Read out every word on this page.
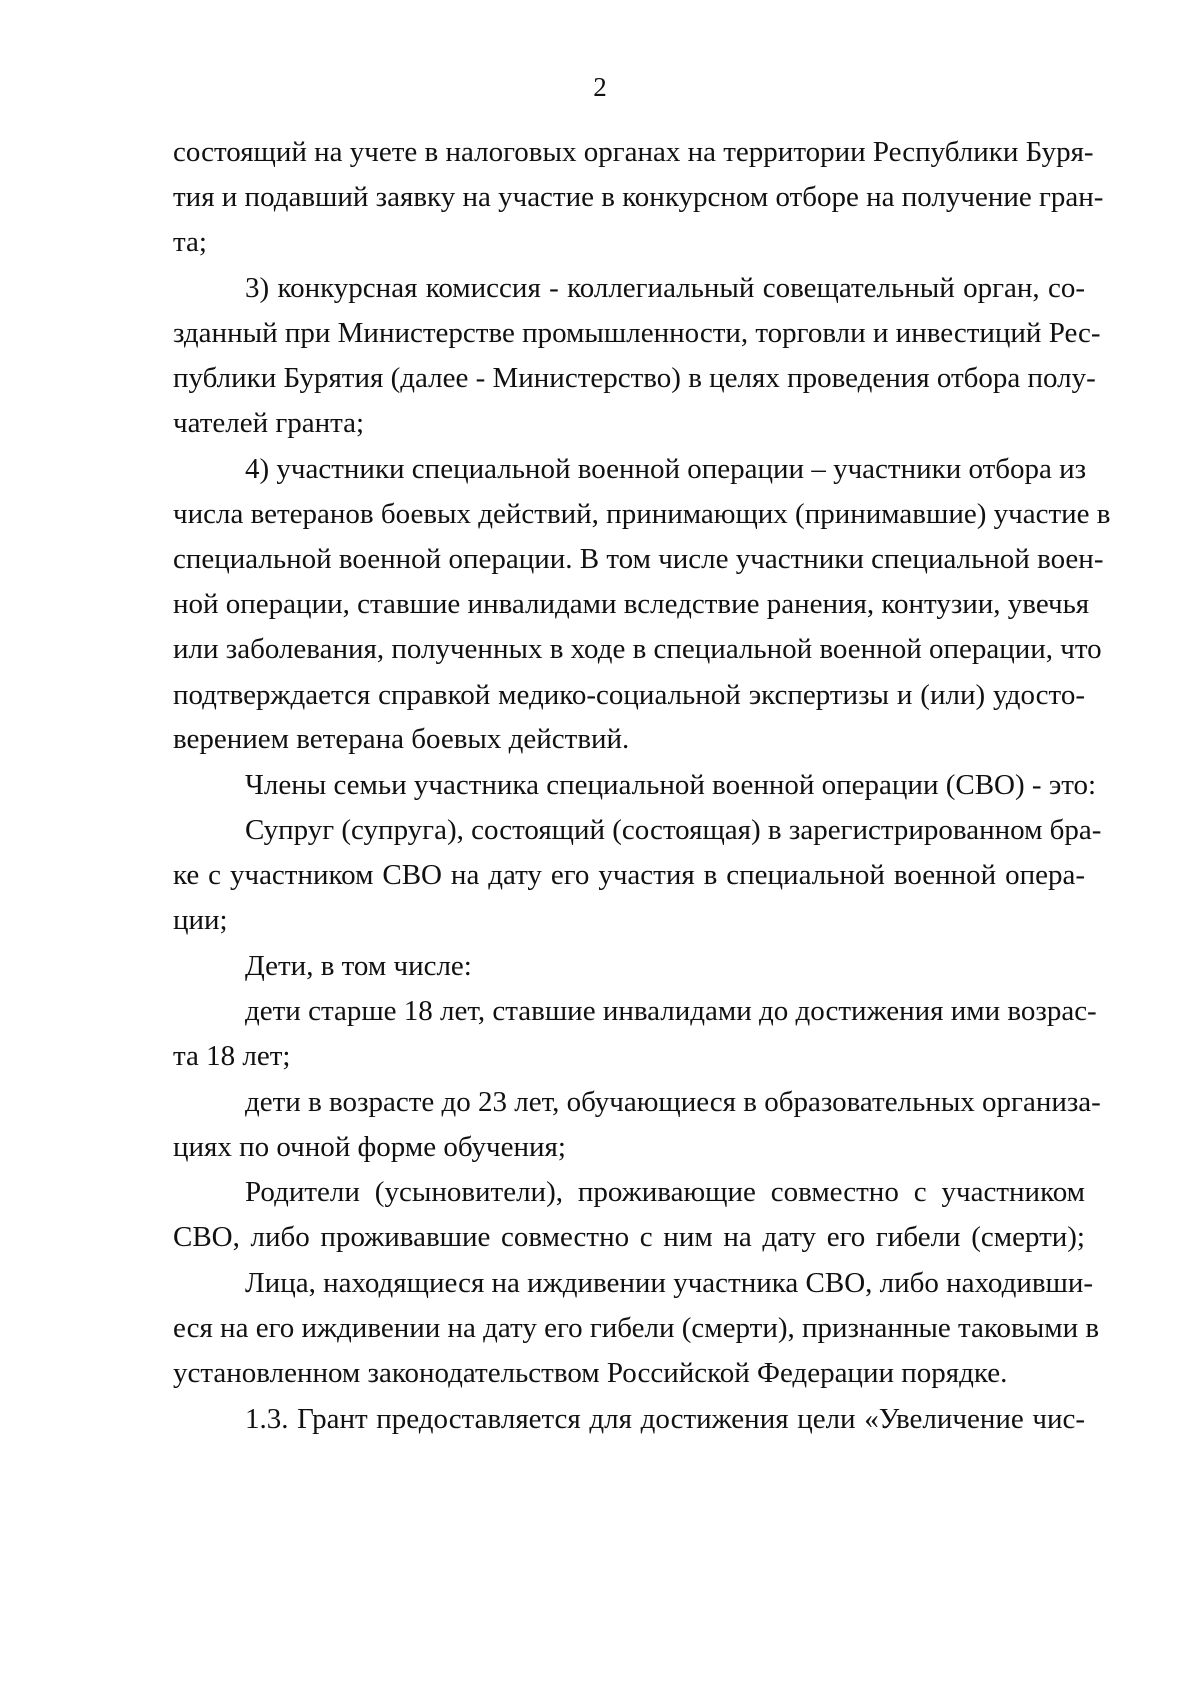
2
состоящий на учете в налоговых органах на территории Республики Буря-
тия и подавший заявку на участие в конкурсном отборе на получение гран-
та;
3) конкурсная комиссия - коллегиальный совещательный орган, со-
зданный при Министерстве промышленности, торговли и инвестиций Рес-
публики Бурятия (далее - Министерство) в целях проведения отбора полу-
чателей гранта;
4) участники специальной военной операции – участники отбора из
числа ветеранов боевых действий, принимающих (принимавшие) участие в
специальной военной операции. В том числе участники специальной воен-
ной операции, ставшие инвалидами вследствие ранения, контузии, увечья
или заболевания, полученных в ходе в специальной военной операции, что
подтверждается справкой медико-социальной экспертизы и (или) удосто-
верением ветерана боевых действий.
Члены семьи участника специальной военной операции (СВО) - это:
Супруг (супруга), состоящий (состоящая) в зарегистрированном бра-
ке с участником СВО на дату его участия в специальной военной опера-
ции;
Дети, в том числе:
дети старше 18 лет, ставшие инвалидами до достижения ими возрас-
та 18 лет;
дети в возрасте до 23 лет, обучающиеся в образовательных организа-
циях по очной форме обучения;
Родители (усыновители), проживающие совместно с участником
СВО, либо проживавшие совместно с ним на дату его гибели (смерти);
Лица, находящиеся на иждивении участника СВО, либо находивши-
еся на его иждивении на дату его гибели (смерти), признанные таковыми в
установленном законодательством Российской Федерации порядке.
1.3. Грант предоставляется для достижения цели «Увеличение чис-
